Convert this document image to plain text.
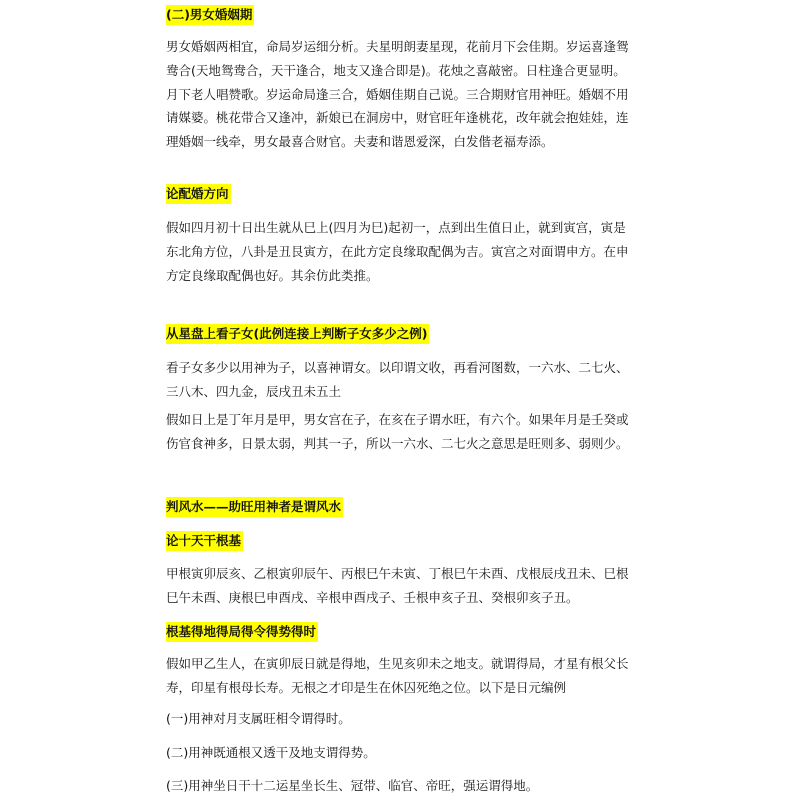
(二)男女婚姻期
男女婚姻两相宜，命局岁运细分析。夫星明朗妻星现，花前月下会佳期。岁运喜逢鸳
鸯合(天地鸳鸯合，天干逢合，地支又逢合即是)。花烛之喜敲密。日柱逢合更显明。
月下老人唱赞歌。岁运命局逢三合，婚姻佳期自己说。三合期财官用神旺。婚姻不用
请媒婆。桃花带合又逢冲，新娘已在洞房中，财官旺年逢桃花，改年就会抱娃娃，连
理婚姻一线牵，男女最喜合财官。夫妻和谐恩爱深，白发偕老福寿添。
论配婚方向
假如四月初十日出生就从巳上(四月为巳)起初一，点到出生值日止，就到寅宫，寅是
东北角方位，八卦是丑艮寅方，在此方定良缘取配偶为吉。寅宫之对面谓申方。在申
方定良缘取配偶也好。其余仿此类推。
从星盘上看子女(此例连接上判断子女多少之例)
看子女多少以用神为子，以喜神谓女。以印谓文收，再看河图数，一六水、二七火、
三八木、四九金，辰戌丑未五土
假如日上是丁年月是甲，男女宫在子，在亥在子谓水旺，有六个。如果年月是壬癸或
伤官食神多，日景太弱，判其一子，所以一六水、二七火之意思是旺则多、弱则少。
判风水——助旺用神者是谓风水
论十天干根基
甲根寅卯辰亥、乙根寅卯辰午、丙根巳午未寅、丁根巳午未酉、戊根辰戌丑未、巳根
巳午未酉、庚根巳申酉戌、辛根申酉戌子、壬根申亥子丑、癸根卯亥子丑。
根基得地得局得令得势得时
假如甲乙生人，在寅卯辰日就是得地，生见亥卯未之地支。就谓得局，才星有根父长
寿，印星有根母长寿。无根之才印是生在休囚死绝之位。以下是日元编例
(一)用神对月支属旺相令谓得时。
(二)用神既通根又透干及地支谓得势。
(三)用神坐日干十二运星坐长生、冠带、临官、帝旺，强运谓得地。
